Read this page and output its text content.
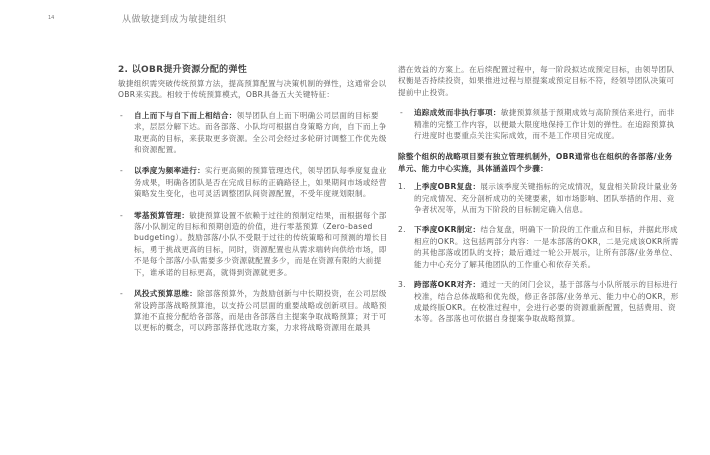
14	从做敏捷到成为敏捷组织
2. 以OBR提升资源分配的弹性

敏捷组织需突破传统预算方法，提高预算配置与决策机制的弹性，这通常会以OBR来实践。相较于传统预算模式，OBR具备五大关键特征：

- 自上而下与自下而上相结合：领导团队自上而下明确公司层面的目标要求，层层分解下达。而各部落、小队均可根据自身策略方向，自下而上争取更高的目标，来获取更多资源。全公司会经过多轮研讨调整工作优先级和资源配置。
- 以季度为频率进行：实行更高频的预算管理迭代，领导团队每季度复盘业务成果，明确各团队是否在完成目标的正确路径上，如果期间市场或经营策略发生变化，也可灵活调整团队间资源配置，不受年度规划限制。
- 零基预算管理：敏捷预算设置不依赖于过往的预制定结果，而根据每个部落/小队制定的目标和预期创造的价值，进行零基预算（Zero-based budgeting）。鼓励部落/小队不受限于过往的传统策略和可预测的增长目标，勇于挑战更高的目标，同时，资源配置也从需求端转向供给市场，即不是每个部落/小队需要多少资源就配置多少，而是在资源有限的大前提下，谁承诺的目标更高，就得到资源就更多。
- 风投式预算思维：除部落预算外，为鼓励创新与中长期投资，在公司层级常设跨部落战略预算池，以支持公司层面的重要战略或创新项目。战略预算池不直接分配给各部落，而是由各部落自主提案争取战略预算；对于可以更标的概念，可以跨部落择优选取方案，力求将战略资源用在最具

潜在效益的方案上。在后续配置过程中，每一阶段拟达成预定目标，由领导团队权衡是否持续投资，如果推进过程与原提案或预定目标不符，经领导团队决策可提前中止投资。

- 追踪成效而非执行事项：敏捷预算须基于预期成效与高阶预估来进行，而非精准的完整工作内容，以便最大限度地保持工作计划的弹性。在追踪预算执行进度时也要重点关注实际成效，而不是工作项目完成度。

除整个组织的战略项目要有独立管理机制外，OBR通常也在组织的各部落/业务单元、能力中心实施，具体涵盖四个步骤：

1. 上季度OBR复盘：展示该季度关键指标的完成情况，复盘相关阶段计量业务的完成情况、充分剖析成功的关键要素，如市场影响、团队举措的作用、竞争者状况等，从而为下阶段的目标制定确入信息。
2. 下季度OKR制定：结合复盘，明确下一阶段的工作重点和目标，并据此形成相应的OKR。这包括两部分内容：一是本部落的OKR，二是完成该OKR所需的其他部落或团队的支持；最后通过一轮公开展示，让所有部落/业务单位、能力中心充分了解其他团队的工作重心和依存关系。
3. 跨部落OKR对齐：通过一天的闭门会议，基于部落与小队所展示的目标进行校准，结合总体战略和优先级，修正各部落/业务单元、能力中心的OKR，形成最终版OKR。在校准过程中，会进行必要的资源重新配置，包括费用、资本等。各部落也可依据自身提案争取战略预算。
